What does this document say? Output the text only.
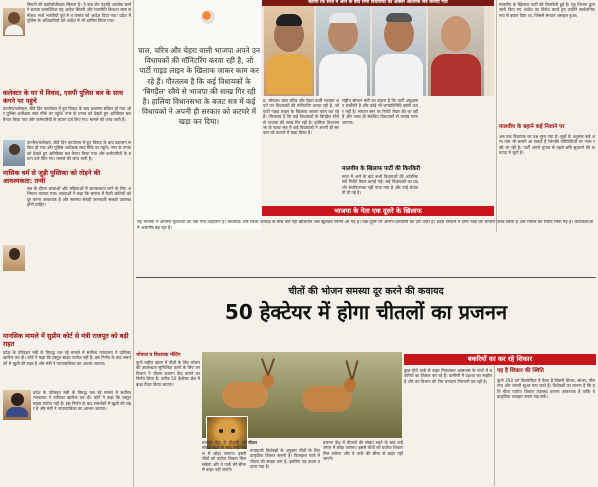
बताया कि सत्ता में आने के बाद सभी विधायकों का अक्सर आंतरिक सर्वे कराया गया
सिवनी की इकोलॉजीकल सिस्टम है। ये कब लेन पहाड़ि आलोक सर्मा ने बताया कामर्शियल यह आदेश सिवनी और राजनीति डिक्शन स्पष्ट समीक्षा। सर्वा भारतियों पूर्व में व कमांड को आदेश दिया गया। प्रदेश में पुलिस के अधिकारियों को आदेश में भी शामिल किया गया।
कलेक्टर के घर में विवाद, एसपी पुलिस बल के साथ कंगने पर पहुंचे
उज्जैन/कलेक्टर, बीते दिन कार्यालय में हुए विवाद के बाद प्रशासन सक्रिय हो गया और पुलिस अधीक्षक स्वयं मौके पर पहुंचे। नगर के तनाव को देखते हुए अतिरिक्त बल तैनात किया गया और कर्मचारियों के बयान दर्ज किए गए। मामले की जांच जारी है।
उज्जैन/कलेक्टर, बीते दिन कार्यालय में हुए विवाद के बाद प्रशासन सक्रिय हो गया और पुलिस अधीक्षक स्वयं मौके पर पहुंचे। नगर के तनाव को देखते हुए अतिरिक्त बल तैनात किया गया और कर्मचारियों के बयान दर्ज किए गए। मामले की जांच जारी है।
मासिक धर्म से जुड़ी पुस्तिका को तोड़ने की आवश्यकता: तन्वी
सत्र के दौरान छात्राओं और महिलाओं में जागरूकता लाने के लिए अभियान चलाया गया। वक्ताओं ने कहा कि समाज में फैली भ्रांतियों को दूर करना आवश्यक है और स्वास्थ्य संबंधी जानकारी सबको उपलब्ध होनी चाहिए।
मानसिक मामले में सुप्रीम कोर्ट से मंत्री राजपूत को बड़ी राहत
प्रदेश के परिवहन मंत्री के विरुद्ध चल रहे मामले में सर्वोच्च न्यायालय ने याचिका खारिज कर दी। कोर्ट ने कहा कि प्रस्तुत साक्ष्य पर्याप्त नहीं हैं। इस निर्णय के बाद समर्थकों में खुशी की लहर है और मंत्री ने न्यायपालिका का आभार जताया।
प्रदेश के परिवहन मंत्री के विरुद्ध चल रहे मामले में सर्वोच्च न्यायालय ने याचिका खारिज कर दी। कोर्ट ने कहा कि प्रस्तुत साक्ष्य पर्याप्त नहीं हैं। इस निर्णय के बाद समर्थकों में खुशी की लहर है और मंत्री ने न्यायपालिका का आभार जताया।
चाल, चरित्र और चेहरा वाली भाजपा अपने उन विधायकों की मॉनिटरिंग करवा रही है, जो पार्टी गाइड लाइन के खिलाफ जाकर काम कर रहे हैं। गौरतलब है कि कई विधायकों के 'बिगड़ैल' रवैये से भाजपा की साख गिर रही है। हालिया विधानसभा के बजट सत्र में कई विधायकों ने अपनी ही सरकार को कटघरे में खड़ा कर दिया।
प्र. भोपाल। चाल चरित्र और चेहरा वाली भाजपा अपने उन विधायकों की मॉनिटरिंग करवा रही है, जो पार्टी गाइड लाइन के खिलाफ जाकर काम कर रहे हैं। गौरतलब है कि कई विधायकों के बिगड़ैल रवैये से भाजपा की साख गिर रही है। हालिया विधानसभा के बजट सत्र में कई विधायकों ने अपनी ही सरकार को कटघरे में खड़ा किया है।
राष्ट्रीय संगठन मंत्री का कहना है कि पार्टी अनुशासन सर्वोपरि है और कोई भी जनप्रतिनिधि इससे ऊपर नहीं है। संगठन स्तर पर रिपोर्ट तैयार की जा रही है और जल्द ही संबंधित विधायकों से जवाब मांगा जाएगा।
मालवीय के खिलाफ पार्टी की किरकिरी
सत्ता में आने के बाद सभी विधायकों की आंतरिक सर्वे रिपोर्ट तैयार कराई गई। कई विधायकों का प्रदर्शन संतोषजनक नहीं पाया गया है और उन्हें चेतावनी दी गई है।
मालवीय के खिलाफ पार्टी की किरकिरी हुई है। गृह विभाग द्वारा जारी किए गए आदेश का विरोध करते हुए उन्होंने सार्वजनिक रूप से बयान दिया था, जिससे संगठन असहज हुआ।
मालवीय के बहाने कई निशाने पर
अब तक विधायक का पक्ष सुना गया है। सूत्रों के अनुसार कई अन्य नाम भी सामने आ सकते हैं जिनकी गतिविधियों पर नजर रखी जा रही है। पार्टी अगले चुनाव से पहले छवि सुधारने की कवायद में जुटी है।
भाजपा के नेता एक दूसरे के खिलाफ
यह भाजपा में आपसी गुटबाजी का एक नया उदाहरण है। विधायक और जिला अध्यक्ष के बीच चल रही खींचतान अब खुलकर सामने आ गई है। एक-दूसरे पर आरोप-प्रत्यारोप का दौर जारी है। प्रदेश संगठन ने दोनों पक्षों को भोपाल तलब किया है और मामले की रिपोर्ट मांगी गई है। कार्यकर्ताओं में असंतोष बढ़ रहा है।
चीतों की भोजन समस्या दूर करने की कवायद
50 हेक्टेयर में होगा चीतलों का प्रजनन
भोपाल व विधायक मीटिंग
कूनो राष्ट्रीय उद्यान में चीतों के लिए भोजन की उपलब्धता सुनिश्चित करने के लिए वन विभाग ने चीतल प्रजनन केंद्र बनाने का निर्णय लिया है। करीब 50 हेक्टेयर क्षेत्र में बाड़ा तैयार किया जाएगा।
चीतल
प्रजनन केंद्र में चीतलों की संख्या बढ़ने के बाद उन्हें जंगल में छोड़ा जाएगा। इससे चीतों को पर्याप्त शिकार मिल सकेगा और वे पार्क की सीमा से बाहर नहीं जाएंगे।
वन्यप्राणी विशेषज्ञों के अनुसार चीतों के लिए प्राकृतिक शिकार जरूरी है। फिलहाल पार्क में चीतल की संख्या कम है, इसलिए यह कदम उठाया गया है।
प्रजनन केंद्र में चीतलों की संख्या बढ़ने के बाद उन्हें जंगल में छोड़ा जाएगा। इससे चीतों को पर्याप्त शिकार मिल सकेगा और वे पार्क की सीमा से बाहर नहीं जाएंगे।
बकरियों का कर रहे शिकार
कुछ चीते पार्क से बाहर निकलकर आसपास के गांवों में बकरियों का शिकार कर रहे हैं। ग्रामीणों में दहशत का माहौल है और वन विभाग की टीम लगातार निगरानी कर रही है।
यह है शिकार की स्थिति
कूनो 350 वर्ग किलोमीटर में फैला है जिसमें चीतल, सांभर, नीलगाय और जंगली सूअर पाए जाते हैं। विशेषज्ञों का मानना है कि प्रति चीता पर्याप्त शिकार उपलब्ध कराना आवश्यक है ताकि वे प्राकृतिक व्यवहार बनाए रख सकें।
